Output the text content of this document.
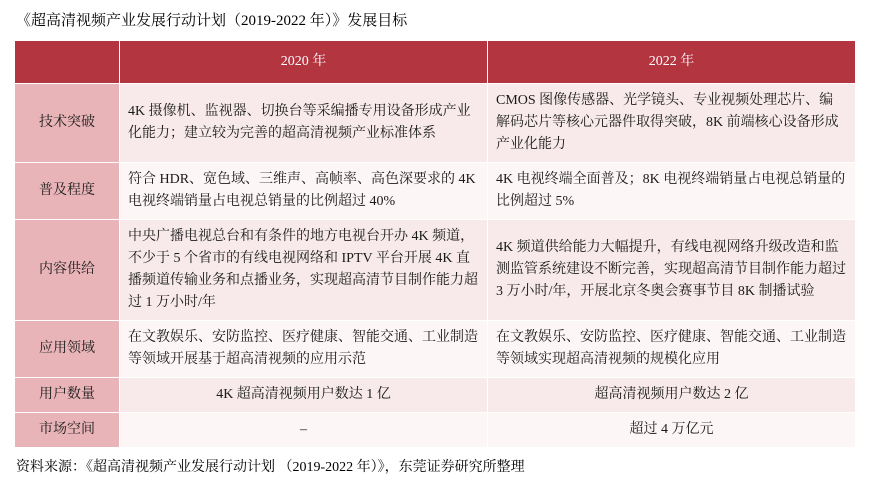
《超高清视频产业发展行动计划（2019-2022 年）》发展目标
	2020 年	2022 年
技术突破	4K 摄像机、监视器、切换台等采编播专用设备形成产业化能力；建立较为完善的超高清视频产业标准体系	CMOS 图像传感器、光学镜头、专业视频处理芯片、编解码芯片等核心元器件取得突破，8K 前端核心设备形成产业化能力
普及程度	符合 HDR、宽色域、三维声、高帧率、高色深要求的 4K 电视终端销量占电视总销量的比例超过 40%	4K 电视终端全面普及；8K 电视终端销量占电视总销量的比例超过 5%
内容供给	中央广播电视总台和有条件的地方电视台开办 4K 频道，不少于 5 个省市的有线电视网络和 IPTV 平台开展 4K 直播频道传输业务和点播业务，实现超高清节目制作能力超过 1 万小时/年	4K 频道供给能力大幅提升，有线电视网络升级改造和监测监管系统建设不断完善，实现超高清节目制作能力超过 3 万小时/年，开展北京冬奥会赛事节目 8K 制播试验
应用领域	在文教娱乐、安防监控、医疗健康、智能交通、工业制造等领域开展基于超高清视频的应用示范	在文教娱乐、安防监控、医疗健康、智能交通、工业制造等领域实现超高清视频的规模化应用
用户数量	4K 超高清视频用户数达 1 亿	超高清视频用户数达 2 亿
市场空间	–	超过 4 万亿元
资料来源：《超高清视频产业发展行动计划 （2019-2022 年）》，东莞证券研究所整理
